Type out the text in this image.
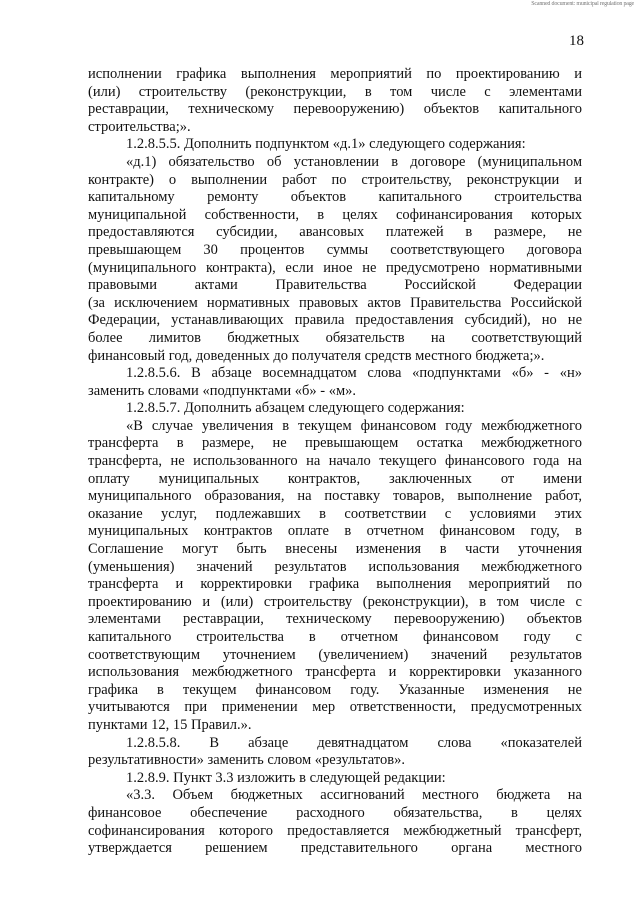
Scanned document: municipal regulation page
18
исполнении графика выполнения мероприятий по проектированию и
(или) строительству (реконструкции, в том числе с элементами
реставрации, техническому перевооружению) объектов капитального
строительства;».
1.2.8.5.5. Дополнить подпунктом «д.1» следующего содержания:
«д.1) обязательство об установлении в договоре (муниципальном
контракте) о выполнении работ по строительству, реконструкции и
капитальному ремонту объектов капитального строительства
муниципальной собственности, в целях софинансирования которых
предоставляются субсидии, авансовых платежей в размере, не
превышающем 30 процентов суммы соответствующего договора
(муниципального контракта), если иное не предусмотрено нормативными
правовыми актами Правительства Российской Федерации
(за исключением нормативных правовых актов Правительства Российской
Федерации, устанавливающих правила предоставления субсидий), но не
более лимитов бюджетных обязательств на соответствующий
финансовый год, доведенных до получателя средств местного бюджета;».
1.2.8.5.6. В абзаце восемнадцатом слова «подпунктами «б» - «н»
заменить словами «подпунктами «б» - «м».
1.2.8.5.7. Дополнить абзацем следующего содержания:
«В случае увеличения в текущем финансовом году межбюджетного
трансферта в размере, не превышающем остатка межбюджетного
трансферта, не использованного на начало текущего финансового года на
оплату муниципальных контрактов, заключенных от имени
муниципального образования, на поставку товаров, выполнение работ,
оказание услуг, подлежавших в соответствии с условиями этих
муниципальных контрактов оплате в отчетном финансовом году, в
Соглашение могут быть внесены изменения в части уточнения
(уменьшения) значений результатов использования межбюджетного
трансферта и корректировки графика выполнения мероприятий по
проектированию и (или) строительству (реконструкции), в том числе с
элементами реставрации, техническому перевооружению) объектов
капитального строительства в отчетном финансовом году с
соответствующим уточнением (увеличением) значений результатов
использования межбюджетного трансферта и корректировки указанного
графика в текущем финансовом году. Указанные изменения не
учитываются при применении мер ответственности, предусмотренных
пунктами 12, 15 Правил.».
1.2.8.5.8. В абзаце девятнадцатом слова «показателей
результативности» заменить словом «результатов».
1.2.8.9. Пункт 3.3 изложить в следующей редакции:
«3.3. Объем бюджетных ассигнований местного бюджета на
финансовое обеспечение расходного обязательства, в целях
софинансирования которого предоставляется межбюджетный трансферт,
утверждается решением представительного органа местного
